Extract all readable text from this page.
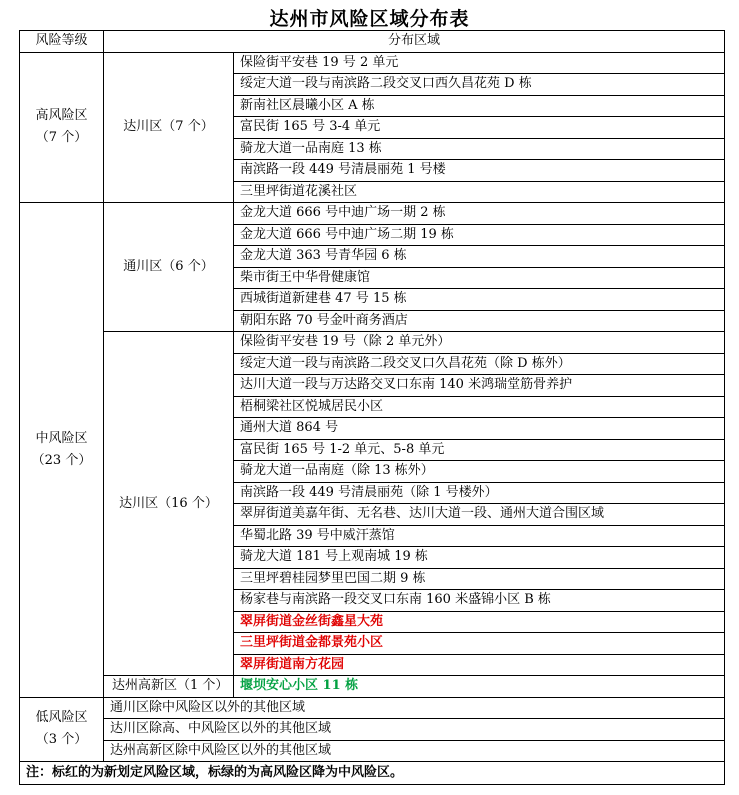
达州市风险区域分布表
风险等级	分布区域	
高风险区
（7 个）	达川区（7 个）	保险街平安巷 19 号 2 单元
		绥定大道一段与南滨路二段交叉口西久昌花苑 D 栋
		新南社区晨曦小区 A 栋
		富民街 165 号 3-4 单元
		骑龙大道一品南庭 13 栋
		南滨路一段 449 号清晨丽苑 1 号楼
		三里坪街道花溪社区
中风险区
（23 个）	通川区（6 个）	金龙大道 666 号中迪广场一期 2 栋
		金龙大道 666 号中迪广场二期 19 栋
		金龙大道 363 号青华园 6 栋
		柴市街王中华骨健康馆
		西城街道新建巷 47 号 15 栋
		朝阳东路 70 号金叶商务酒店
	达川区（16 个）	保险街平安巷 19 号（除 2 单元外）
		绥定大道一段与南滨路二段交叉口久昌花苑（除 D 栋外）
		达川大道一段与万达路交叉口东南 140 米鸿瑞堂筋骨养护
		梧桐梁社区悦城居民小区
		通州大道 864 号
		富民街 165 号 1-2 单元、5-8 单元
		骑龙大道一品南庭（除 13 栋外）
		南滨路一段 449 号清晨丽苑（除 1 号楼外）
		翠屏街道美嘉年街、无名巷、达川大道一段、通州大道合围区域
		华蜀北路 39 号中威汗蒸馆
		骑龙大道 181 号上观南城 19 栋
		三里坪碧桂园梦里巴国二期 9 栋
		杨家巷与南滨路一段交叉口东南 160 米盛锦小区 B 栋
		翠屏街道金丝街鑫星大苑
		三里坪街道金都景苑小区
		翠屏街道南方花园
	达州高新区（1 个）	堰坝安心小区 11 栋
低风险区
（3 个）	通川区除中风险区以外的其他区域	
	达川区除高、中风险区以外的其他区域	
	达州高新区除中风险区以外的其他区域	
注：标红的为新划定风险区域，标绿的为高风险区降为中风险区。		
